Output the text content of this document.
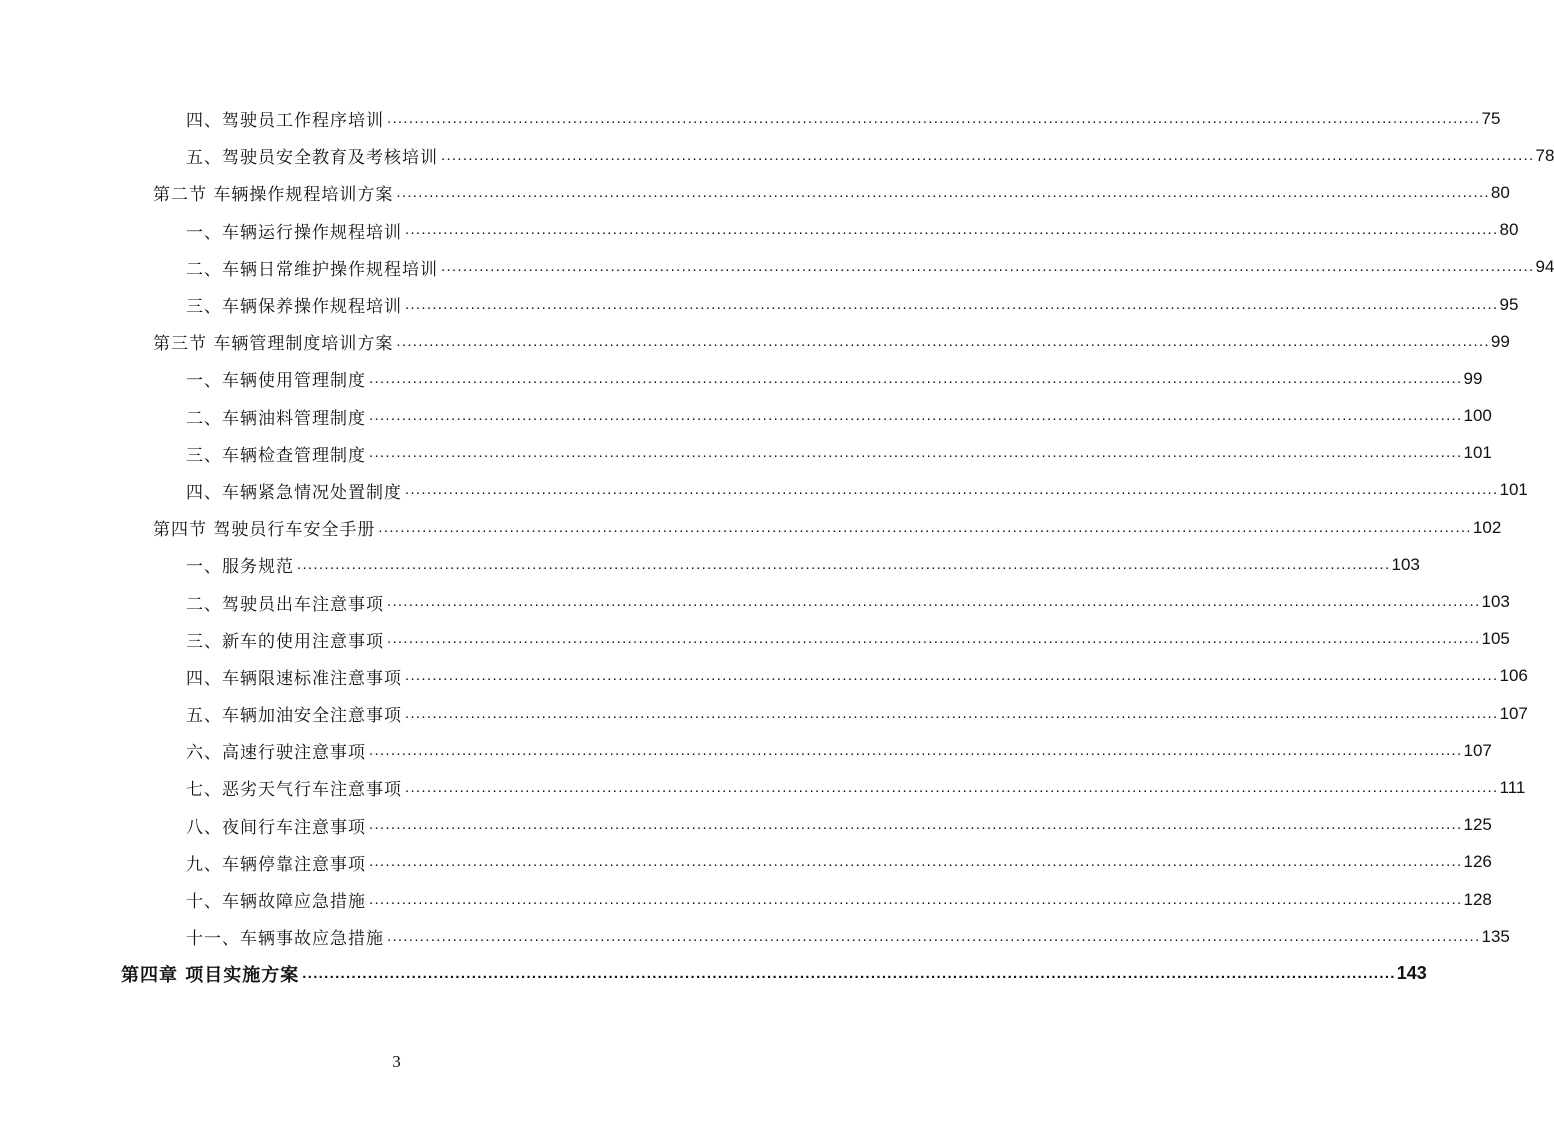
四、驾驶员工作程序培训 ........................................................................................................................................................................................................ 75
五、驾驶员安全教育及考核培训 ........................................................................................................................................................................................................ 78
第二节 车辆操作规程培训方案 ........................................................................................................................................................................................................ 80
一、车辆运行操作规程培训 ........................................................................................................................................................................................................ 80
二、车辆日常维护操作规程培训 ........................................................................................................................................................................................................ 94
三、车辆保养操作规程培训 ........................................................................................................................................................................................................ 95
第三节 车辆管理制度培训方案 ........................................................................................................................................................................................................ 99
一、车辆使用管理制度 ........................................................................................................................................................................................................ 99
二、车辆油料管理制度 ........................................................................................................................................................................................................ 100
三、车辆检查管理制度 ........................................................................................................................................................................................................ 101
四、车辆紧急情况处置制度 ........................................................................................................................................................................................................ 101
第四节 驾驶员行车安全手册 ........................................................................................................................................................................................................ 102
一、服务规范 ........................................................................................................................................................................................................ 103
二、驾驶员出车注意事项 ........................................................................................................................................................................................................ 103
三、新车的使用注意事项 ........................................................................................................................................................................................................ 105
四、车辆限速标准注意事项 ........................................................................................................................................................................................................ 106
五、车辆加油安全注意事项 ........................................................................................................................................................................................................ 107
六、高速行驶注意事项 ........................................................................................................................................................................................................ 107
七、恶劣天气行车注意事项 ........................................................................................................................................................................................................ 111
八、夜间行车注意事项 ........................................................................................................................................................................................................ 125
九、车辆停靠注意事项 ........................................................................................................................................................................................................ 126
十、车辆故障应急措施 ........................................................................................................................................................................................................ 128
十一、车辆事故应急措施 ........................................................................................................................................................................................................ 135
第四章 项目实施方案 ........................................................................................................................................................................................................ 143
3
